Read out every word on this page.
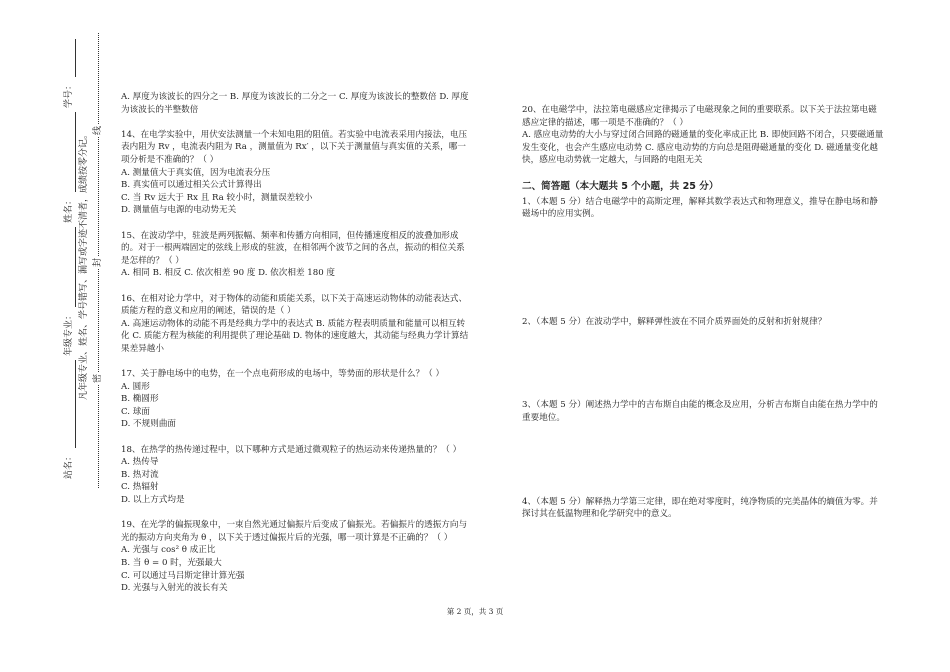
站名：
年级专业：
姓名：
学号：
凡年级专业、姓名、学号错写、漏写或字迹不清者，成绩按零分记。 密
封
线

A. 厚度为该波长的四分之一 B. 厚度为该波长的二分之一 C. 厚度为该波长的整数倍 D. 厚度为该波长的半整数倍

14、在电学实验中，用伏安法测量一个未知电阻的阻值。若实验中电流表采用内接法，电压表内阻为 Rv ，电流表内阻为 Ra ，测量值为 Rx′ ，以下关于测量值与真实值的关系，哪一项分析是不准确的？（ ）

A. 测量值大于真实值，因为电流表分压

B. 真实值可以通过相关公式计算得出

C. 当 Rv 远大于 Rx 且 Ra 较小时，测量误差较小

D. 测量值与电源的电动势无关

15、在波动学中，驻波是两列振幅、频率和传播方向相同，但传播速度相反的波叠加形成的。对于一根两端固定的弦线上形成的驻波，在相邻两个波节之间的各点，振动的相位关系是怎样的？（ ）

A. 相同 B. 相反 C. 依次相差 90 度 D. 依次相差 180 度

16、在相对论力学中，对于物体的动能和质能关系，以下关于高速运动物体的动能表达式、质能方程的意义和应用的阐述，错误的是（ ）

A. 高速运动物体的动能不再是经典力学中的表达式 B. 质能方程表明质量和能量可以相互转化 C. 质能方程为核能的利用提供了理论基础 D. 物体的速度越大，其动能与经典力学计算结果差异越小

17、关于静电场中的电势，在一个点电荷形成的电场中，等势面的形状是什么？（ ）

A. 圆形

B. 椭圆形

C. 球面

D. 不规则曲面

18、在热学的热传递过程中，以下哪种方式是通过微观粒子的热运动来传递热量的？（ ）

A. 热传导

B. 热对流

C. 热辐射

D. 以上方式均是

19、在光学的偏振现象中，一束自然光通过偏振片后变成了偏振光。若偏振片的透振方向与光的振动方向夹角为 θ ，以下关于透过偏振片后的光强，哪一项计算是不正确的？（ ）

A. 光强与 cos² θ 成正比

B. 当 θ = 0 时，光强最大

C. 可以通过马吕斯定律计算光强

D. 光强与入射光的波长有关

20、在电磁学中，法拉第电磁感应定律揭示了电磁现象之间的重要联系。以下关于法拉第电磁感应定律的描述，哪一项是不准确的？（ ）

A. 感应电动势的大小与穿过闭合回路的磁通量的变化率成正比 B. 即使回路不闭合，只要磁通量发生变化，也会产生感应电动势 C. 感应电动势的方向总是阻碍磁通量的变化 D. 磁通量变化越快，感应电动势就一定越大，与回路的电阻无关

二、简答题（本大题共 5 个小题，共 25 分）

1、（本题 5 分）结合电磁学中的高斯定理，解释其数学表达式和物理意义，推导在静电场和静磁场中的应用实例。

2、（本题 5 分）在波动学中，解释弹性波在不同介质界面处的反射和折射规律？

3、（本题 5 分）阐述热力学中的吉布斯自由能的概念及应用，分析吉布斯自由能在热力学中的重要地位。

4、（本题 5 分）解释热力学第三定律，即在绝对零度时，纯净物质的完美晶体的熵值为零。并探讨其在低温物理和化学研究中的意义。

第 2 页，共 3 页
